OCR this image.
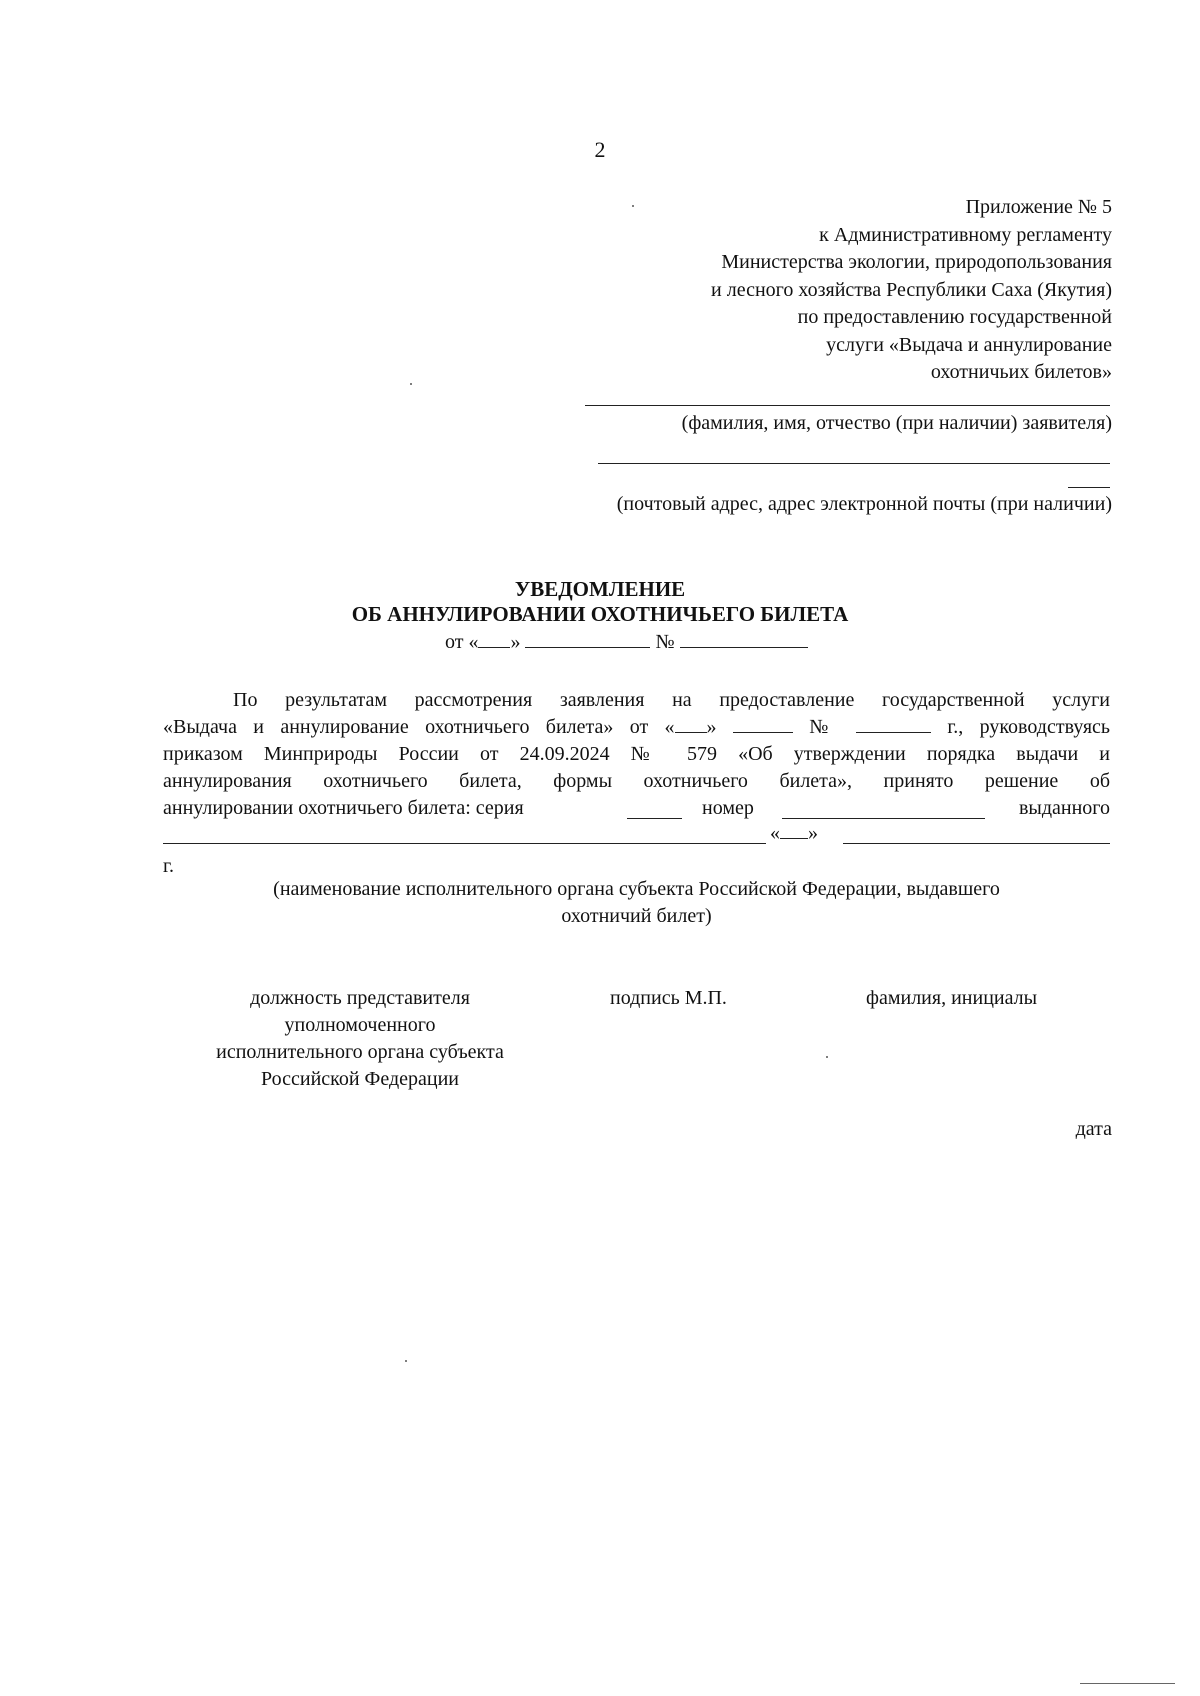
2
Приложение № 5
к Административному регламенту
Министерства экологии, природопользования
и лесного хозяйства Республики Саха (Якутия)
по предоставлению государственной
услуги «Выдача и аннулирование
охотничьих билетов»
(фамилия, имя, отчество (при наличии) заявителя)
(почтовый адрес, адрес электронной почты (при наличии)
УВЕДОМЛЕНИЕ
ОБ АННУЛИРОВАНИИ ОХОТНИЧЬЕГО БИЛЕТА
от « »	№
По результатам рассмотрения заявления на предоставление государственной услуги
«Выдача и аннулирование охотничьего билета» от « »	№	г., руководствуясь
приказом Минприроды России от 24.09.2024 № 579 «Об утверждении порядка выдачи и
аннулирования охотничьего билета, формы охотничьего билета», принято решение об
аннулировании охотничьего билета: серия	номер	выданного
« »
г.
(наименование исполнительного органа субъекта Российской Федерации, выдавшего
охотничий билет)
должность представителя
уполномоченного
исполнительного органа субъекта
Российской Федерации
подпись М.П.	фамилия, инициалы
дата
